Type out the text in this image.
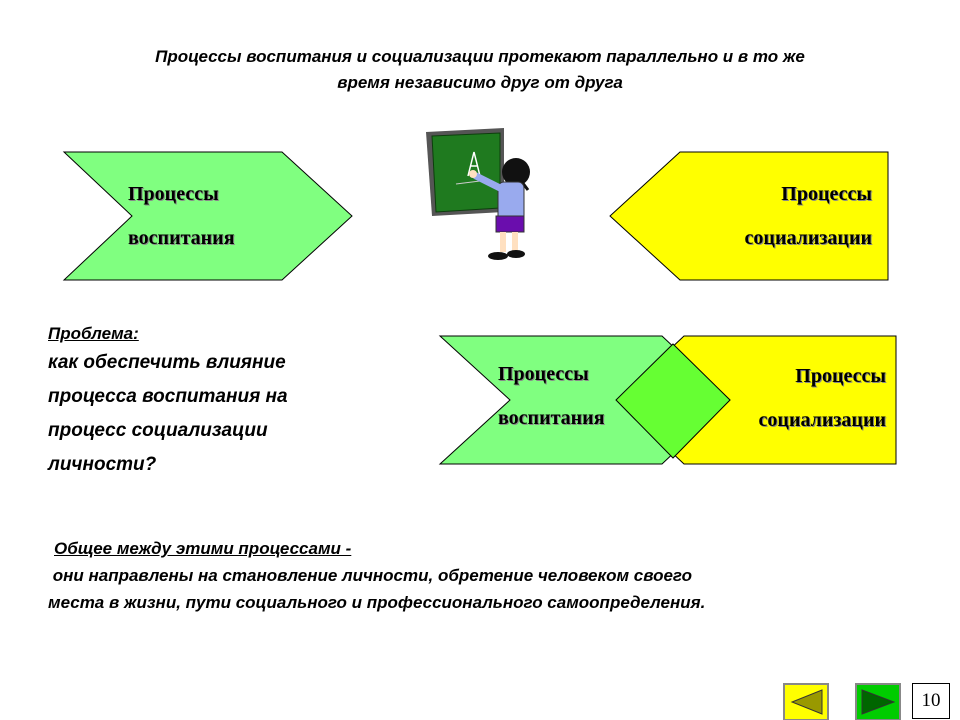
Процессы воспитания и социализации протекают параллельно и в то же
время независимо друг от друга
Процессы
воспитания
Процессы
социализации
Процессы
воспитания
Процессы
социализации
Проблема:
как обеспечить влияние
процесса воспитания на
процесс социализации
личности?
Общее между этими процессами -
они направлены на становление личности, обретение человеком своего
места в жизни, пути социального и профессионального самоопределения.
10
